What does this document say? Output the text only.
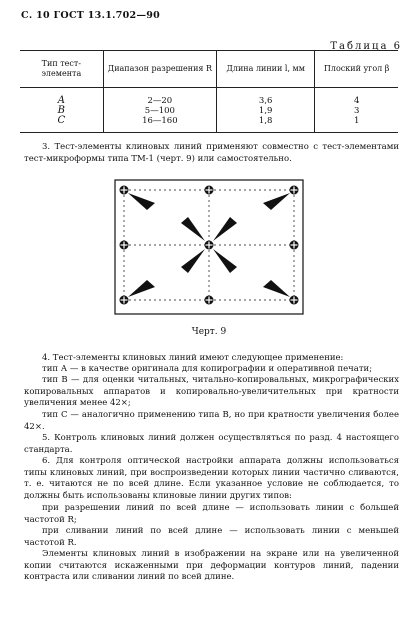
С. 10 ГОСТ 13.1.702—90
Таблица 6
Тип тест-элемента	Диапазон разрешения R	Длина линии l, мм	Плоский угол β
A	2—20	3,6	4
B	5—100	1,9	3
C	16—160	1,8	1
3. Тест-элементы клиновых линий применяют совместно с тест-элементами тест-микроформы типа ТМ-1 (черт. 9) или самостоятельно.
Черт. 9
4. Тест-элементы клиновых линий имеют следующее применение:
тип А — в качестве оригинала для копирографии и оперативной печати;
тип В — для оценки читальных, читально-копировальных, микрографических копировальных аппаратов и копировально-увеличительных при кратности увеличения менее 42×;
тип С — аналогично применению типа В, но при кратности увеличения более 42×.
5. Контроль клиновых линий должен осуществляться по разд. 4 настоящего стандарта.
6. Для контроля оптической настройки аппарата должны использоваться типы клиновых линий, при воспроизведении которых линии частично сливаются, т. е. читаются не по всей длине. Если указанное условие не соблюдается, то должны быть использованы клиновые линии других типов:
при разрешении линий по всей длине — использовать линии с большей частотой R;
при сливании линий по всей длине — использовать линии с меньшей частотой R.
Элементы клиновых линий в изображении на экране или на увеличенной копии считаются искаженными при деформации контуров линий, падении контраста или сливании линий по всей длине.
